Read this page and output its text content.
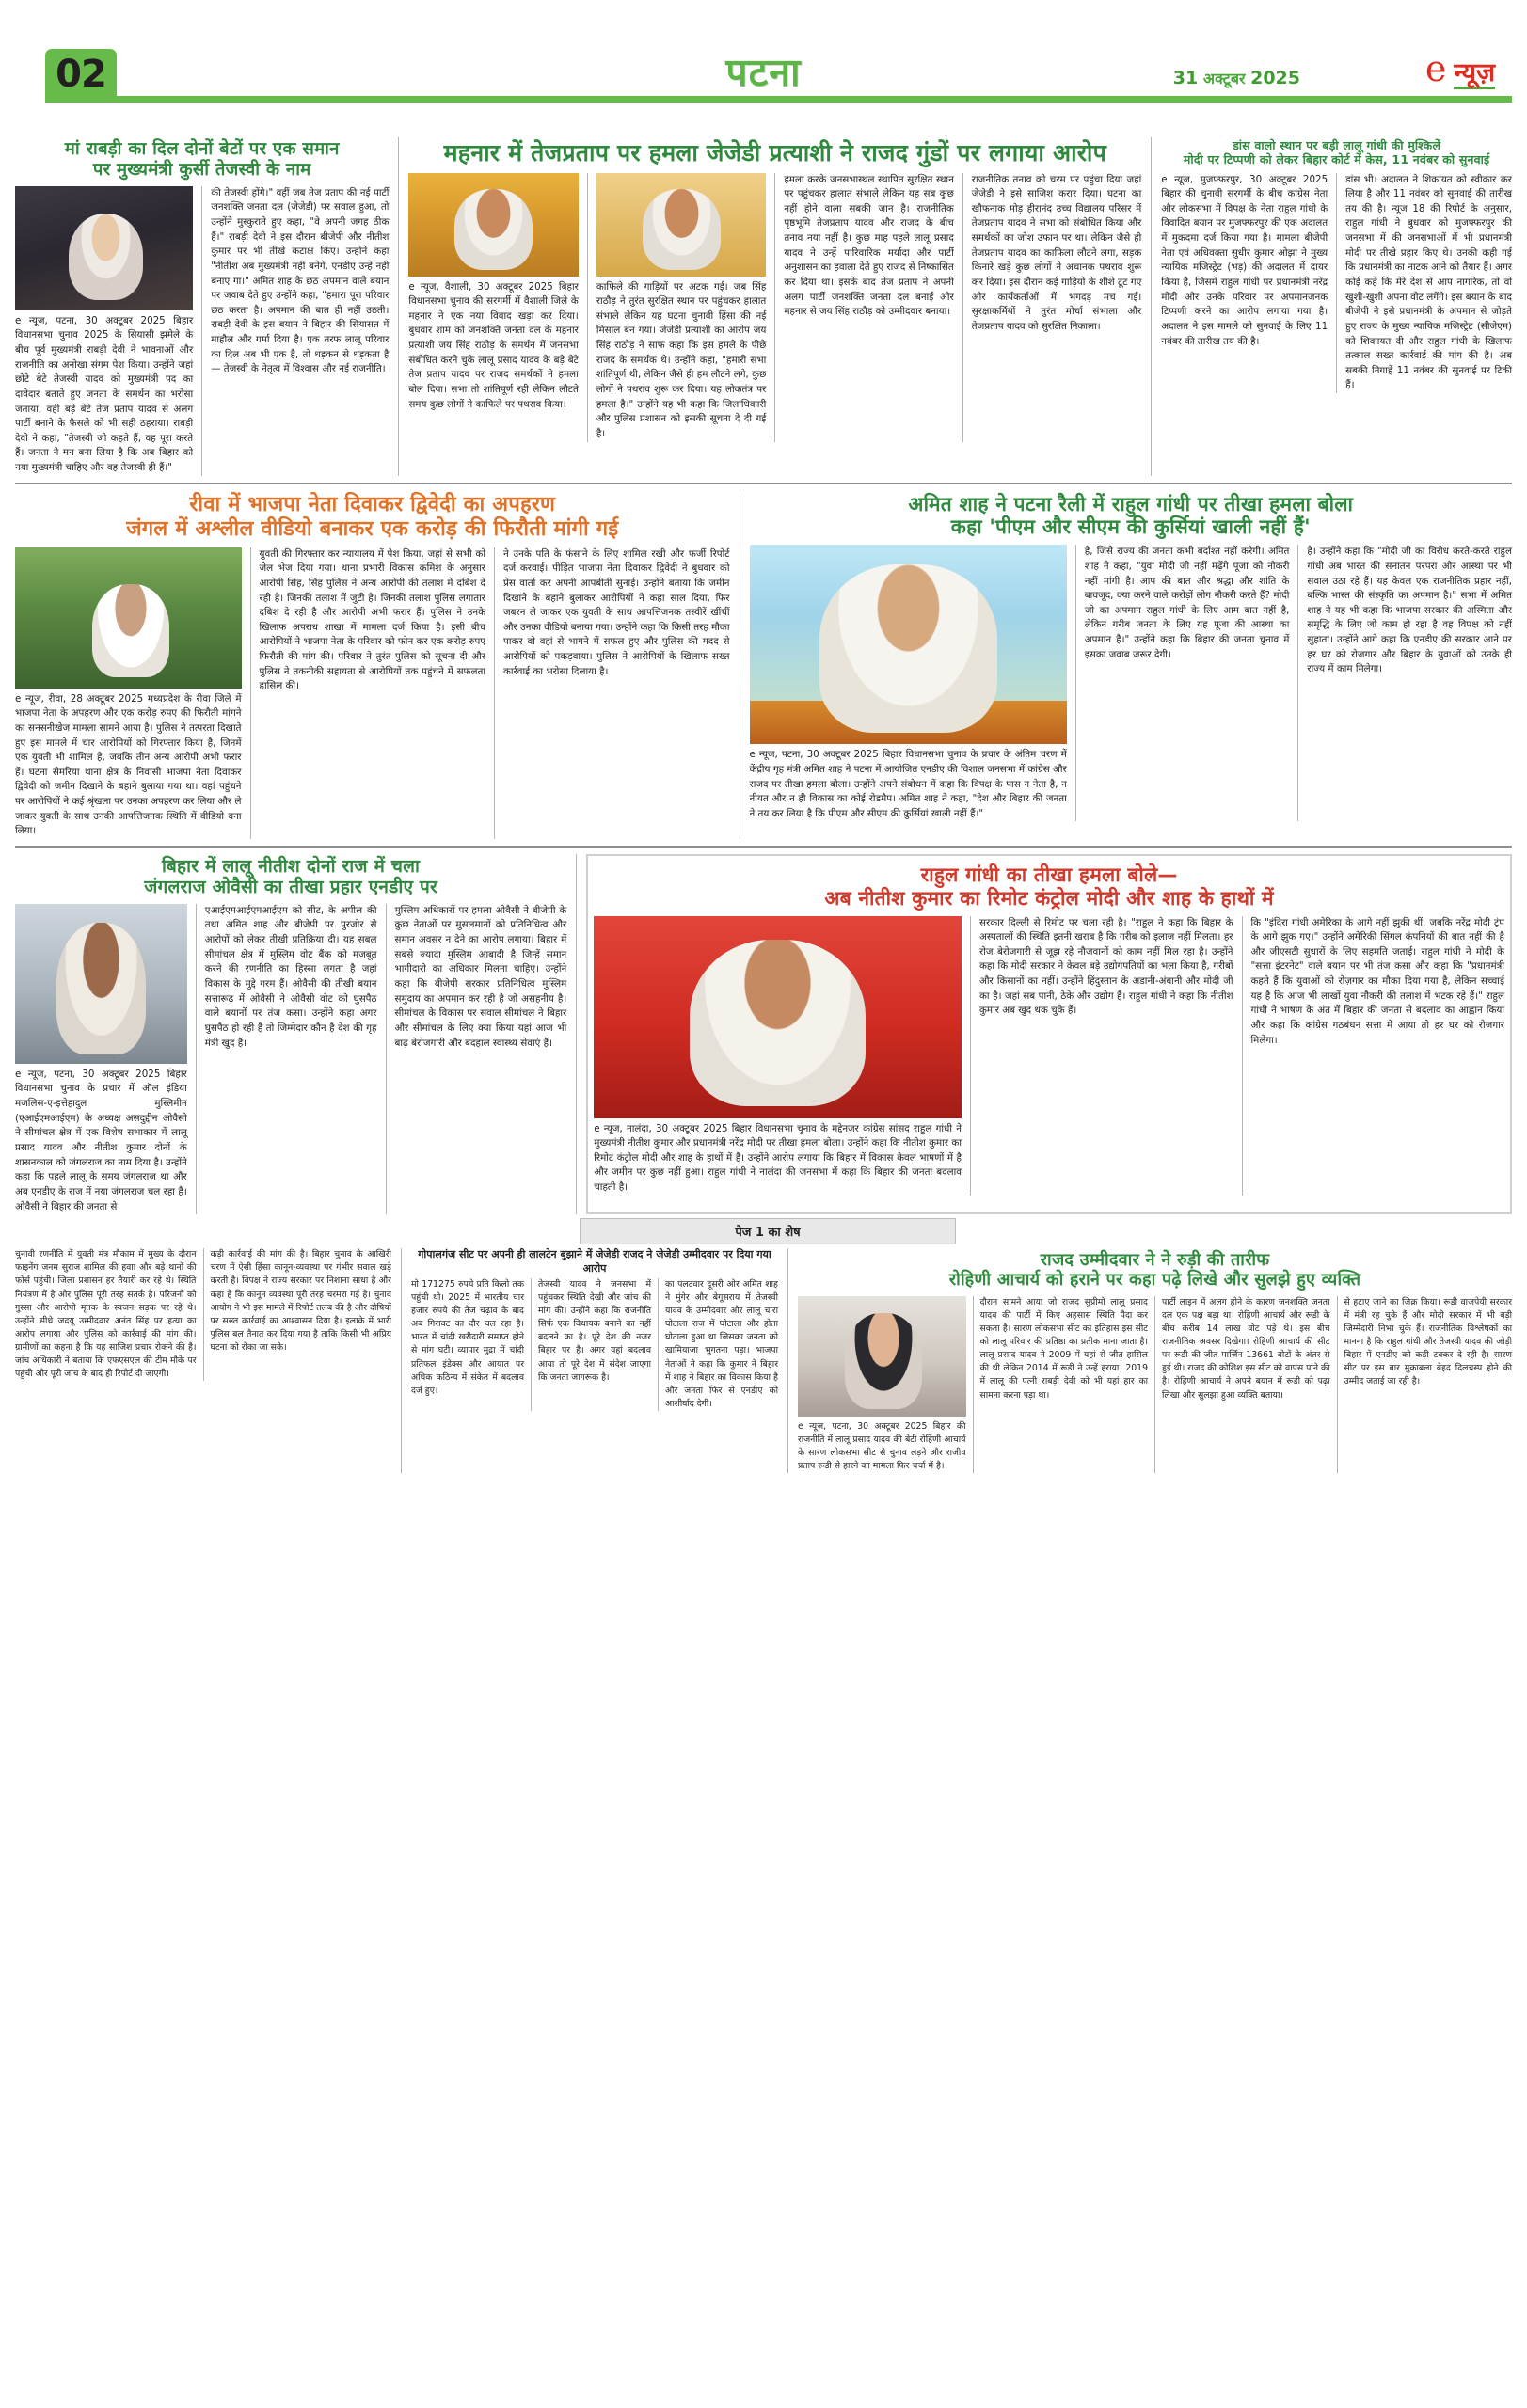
02	पटना	31 अक्टूबर 2025	e न्यूज़
मां राबड़ी का दिल दोनों बेटों पर एक समान
पर मुख्यमंत्री कुर्सी तेजस्वी के नाम
e न्यूज, पटना, 30 अक्टूबर 2025 बिहार विधानसभा चुनाव 2025 के सियासी झमेले के बीच पूर्व मुख्यमंत्री राबड़ी देवी ने भावनाओं और राजनीति का अनोखा संगम पेश किया। उन्होंने जहां छोटे बेटे तेजस्वी यादव को मुख्यमंत्री पद का दावेदार बताते हुए जनता के समर्थन का भरोसा जताया, वहीं बड़े बेटे तेज प्रताप यादव से अलग पार्टी बनाने के फैसले को भी सही ठहराया। राबड़ी देवी ने कहा, "तेजस्वी जो कहते हैं, वह पूरा करते हैं। जनता ने मन बना लिया है कि अब बिहार को नया मुख्यमंत्री चाहिए और वह तेजस्वी ही हैं।"
की तेजस्वी होंगे।" वहीं जब तेज प्रताप की नई पार्टी जनशक्ति जनता दल (जेजेडी) पर सवाल हुआ, तो उन्होंने मुस्कुराते हुए कहा, "वे अपनी जगह ठीक हैं।" राबड़ी देवी ने इस दौरान बीजेपी और नीतीश कुमार पर भी तीखे कटाक्ष किए। उन्होंने कहा "नीतीश अब मुख्यमंत्री नहीं बनेंगे, एनडीए उन्हें नहीं बनाए गा।" अमित शाह के छठ अपमान वाले बयान पर जवाब देते हुए उन्होंने कहा, "हमारा पूरा परिवार छठ करता है। अपमान की बात ही नहीं उठती। राबड़ी देवी के इस बयान ने बिहार की सियासत में माहौल और गर्मा दिया है। एक तरफ लालू परिवार का दिल अब भी एक है, तो धड़कन से धड़कता है — तेजस्वी के नेतृत्व में विश्वास और नई राजनीति।
महनार में तेजप्रताप पर हमला जेजेडी प्रत्याशी ने राजद गुंडों पर लगाया आरोप
e न्यूज, वैशाली, 30 अक्टूबर 2025 बिहार विधानसभा चुनाव की सरगर्मी में वैशाली जिले के महनार ने एक नया विवाद खड़ा कर दिया। बुधवार शाम को जनशक्ति जनता दल के महनार प्रत्याशी जय सिंह राठौड़ के समर्थन में जनसभा संबोधित करने चुके लालू प्रसाद यादव के बड़े बेटे तेज प्रताप यादव पर राजद समर्थकों ने हमला बोल दिया। सभा तो शांतिपूर्ण रही लेकिन लौटते समय कुछ लोगों ने काफिले पर पथराव किया।
काफिले की गाड़ियों पर अटक गई। जब सिंह राठौड़ ने तुरंत सुरक्षित स्थान पर पहुंचकर हालात संभाले लेकिन यह घटना चुनावी हिंसा की नई मिसाल बन गया। जेजेडी प्रत्याशी का आरोप जय सिंह राठौड़ ने साफ कहा कि इस हमले के पीछे राजद के समर्थक थे। उन्होंने कहा, "हमारी सभा शांतिपूर्ण थी, लेकिन जैसे ही हम लौटने लगे, कुछ लोगों ने पथराव शुरू कर दिया। यह लोकतंत्र पर हमला है।" उन्होंने यह भी कहा कि जिलाधिकारी और पुलिस प्रशासन को इसकी सूचना दे दी गई है।
हमला करके जनसभास्थल स्थापित सुरक्षित स्थान पर पहुंचकर हालात संभाले लेकिन यह सब कुछ नहीं होने वाला सबकी जान है। राजनीतिक पृष्ठभूमि तेजप्रताप यादव और राजद के बीच तनाव नया नहीं है। कुछ माह पहले लालू प्रसाद यादव ने उन्हें पारिवारिक मर्यादा और पार्टी अनुशासन का हवाला देते हुए राजद से निष्कासित कर दिया था। इसके बाद तेज प्रताप ने अपनी अलग पार्टी जनशक्ति जनता दल बनाई और महनार से जय सिंह राठौड़ को उम्मीदवार बनाया।
राजनीतिक तनाव को चरम पर पहुंचा दिया जहां जेजेडी ने इसे साजिश करार दिया। घटना का खौफनाक मोड़ हीरानंद उच्च विद्यालय परिसर में तेजप्रताप यादव ने सभा को संबोधित किया और समर्थकों का जोश उफान पर था। लेकिन जैसे ही तेजप्रताप यादव का काफिला लौटने लगा, सड़क किनारे खड़े कुछ लोगों ने अचानक पथराव शुरू कर दिया। इस दौरान कई गाड़ियों के शीशे टूट गए और कार्यकर्ताओं में भगदड़ मच गई। सुरक्षाकर्मियों ने तुरंत मोर्चा संभाला और तेजप्रताप यादव को सुरक्षित निकाला।
डांस वालो स्थान पर बड़ी लालू गांधी की मुश्किलें
मोदी पर टिप्पणी को लेकर बिहार कोर्ट में केस, 11 नवंबर को सुनवाई
e न्यूज, मुजफ्फरपुर, 30 अक्टूबर 2025 बिहार की चुनावी सरगर्मी के बीच कांग्रेस नेता और लोकसभा में विपक्ष के नेता राहुल गांधी के विवादित बयान पर मुजफ्फरपुर की एक अदालत में मुकदमा दर्ज किया गया है। मामला बीजेपी नेता एवं अधिवक्ता सुधीर कुमार ओझा ने मुख्य न्यायिक मजिस्ट्रेट (भड़) की अदालत में दायर किया है, जिसमें राहुल गांधी पर प्रधानमंत्री नरेंद्र मोदी और उनके परिवार पर अपमानजनक टिप्पणी करने का आरोप लगाया गया है। अदालत ने इस मामले को सुनवाई के लिए 11 नवंबर की तारीख तय की है।
डांस भी। अदालत ने शिकायत को स्वीकार कर लिया है और 11 नवंबर को सुनवाई की तारीख तय की है। न्यूज 18 की रिपोर्ट के अनुसार, राहुल गांधी ने बुधवार को मुजफ्फरपुर की जनसभा में की जनसभाओं में भी प्रधानमंत्री मोदी पर तीखे प्रहार किए थे। उनकी कही गई कि प्रधानमंत्री का नाटक आने को तैयार हैं। अगर कोई कहे कि मेरे देश से आप नागरिक, तो वो खुशी-खुशी अपना वोट लगेंगे। इस बयान के बाद बीजेपी ने इसे प्रधानमंत्री के अपमान से जोड़ते हुए राज्य के मुख्य न्यायिक मजिस्ट्रेट (सीजेएम) को शिकायत दी और राहुल गांधी के खिलाफ तत्काल सख्त कार्रवाई की मांग की है। अब सबकी निगाहें 11 नवंबर की सुनवाई पर टिकी हैं।
रीवा में भाजपा नेता दिवाकर द्विवेदी का अपहरण
जंगल में अश्लील वीडियो बनाकर एक करोड़ की फिरौती मांगी गई
e न्यूज, रीवा, 28 अक्टूबर 2025 मध्यप्रदेश के रीवा जिले में भाजपा नेता के अपहरण और एक करोड़ रुपए की फिरौती मांगने का सनसनीखेज मामला सामने आया है। पुलिस ने तत्परता दिखाते हुए इस मामले में चार आरोपियों को गिरफ्तार किया है, जिनमें एक युवती भी शामिल है, जबकि तीन अन्य आरोपी अभी फरार हैं। घटना सेमरिया थाना क्षेत्र के निवासी भाजपा नेता दिवाकर द्विवेदी को जमीन दिखाने के बहाने बुलाया गया था। वहां पहुंचने पर आरोपियों ने कई श्रृंखला पर उनका अपहरण कर लिया और ले जाकर युवती के साथ उनकी आपत्तिजनक स्थिति में वीडियो बना लिया।
युवती की गिरफ्तार कर न्यायालय में पेश किया, जहां से सभी को जेल भेज दिया गया। थाना प्रभारी विकास कमिश के अनुसार आरोपी सिंह, सिंह पुलिस ने अन्य आरोपी की तलाश में दबिश दे रही है। जिनकी तलाश में जुटी है। जिनकी तलाश पुलिस लगातार दबिश दे रही है और आरोपी अभी फरार हैं। पुलिस ने उनके खिलाफ अपराध शाखा में मामला दर्ज किया है। इसी बीच आरोपियों ने भाजपा नेता के परिवार को फोन कर एक करोड़ रुपए फिरौती की मांग की। परिवार ने तुरंत पुलिस को सूचना दी और पुलिस ने तकनीकी सहायता से आरोपियों तक पहुंचने में सफलता हासिल की।
ने उनके पति के फंसाने के लिए शामिल रखी और फर्जी रिपोर्ट दर्ज करवाई। पीड़ित भाजपा नेता दिवाकर द्विवेदी ने बुधवार को प्रेस वार्ता कर अपनी आपबीती सुनाई। उन्होंने बताया कि जमीन दिखाने के बहाने बुलाकर आरोपियों ने कहा साल दिया, फिर जबरन ले जाकर एक युवती के साथ आपत्तिजनक तस्वीरें खींचीं और उनका वीडियो बनाया गया। उन्होंने कहा कि किसी तरह मौका पाकर वो वहां से भागने में सफल हुए और पुलिस की मदद से आरोपियों को पकड़वाया। पुलिस ने आरोपियों के खिलाफ सख्त कार्रवाई का भरोसा दिलाया है।
अमित शाह ने पटना रैली में राहुल गांधी पर तीखा हमला बोला
कहा 'पीएम और सीएम की कुर्सियां खाली नहीं हैं'
e न्यूज, पटना, 30 अक्टूबर 2025 बिहार विधानसभा चुनाव के प्रचार के अंतिम चरण में केंद्रीय गृह मंत्री अमित शाह ने पटना में आयोजित एनडीए की विशाल जनसभा में कांग्रेस और राजद पर तीखा हमला बोला। उन्होंने अपने संबोधन में कहा कि विपक्ष के पास न नेता है, न नीयत और न ही विकास का कोई रोडमैप। अमित शाह ने कहा, "देश और बिहार की जनता ने तय कर लिया है कि पीएम और सीएम की कुर्सियां खाली नहीं हैं।"
है, जिसे राज्य की जनता कभी बर्दाश्त नहीं करेगी। अमित शाह ने कहा, "युवा मोदी जी नहीं मढ़ेंगे पूजा को नौकरी नहीं मांगी है। आप की बात और श्रद्धा और शांति के बावजूद, क्या करने वाले करोड़ों लोग नौकरी करते हैं? मोदी जी का अपमान राहुल गांधी के लिए आम बात नहीं है, लेकिन गरीब जनता के लिए यह पूजा की आस्था का अपमान है।" उन्होंने कहा कि बिहार की जनता चुनाव में इसका जवाब जरूर देगी।
है। उन्होंने कहा कि "मोदी जी का विरोध करते-करते राहुल गांधी अब भारत की सनातन परंपरा और आस्था पर भी सवाल उठा रहे हैं। यह केवल एक राजनीतिक प्रहार नहीं, बल्कि भारत की संस्कृति का अपमान है।" सभा में अमित शाह ने यह भी कहा कि भाजपा सरकार की अस्मिता और समृद्धि के लिए जो काम हो रहा है वह विपक्ष को नहीं सुहाता। उन्होंने आगे कहा कि एनडीए की सरकार आने पर हर घर को रोजगार और बिहार के युवाओं को उनके ही राज्य में काम मिलेगा।
बिहार में लालू नीतीश दोनों राज में चला
जंगलराज ओवैसी का तीखा प्रहार एनडीए पर
e न्यूज, पटना, 30 अक्टूबर 2025 बिहार विधानसभा चुनाव के प्रचार में ऑल इंडिया मजलिस-ए-इत्तेहादुल मुस्लिमीन (एआईएमआईएम) के अध्यक्ष असदुद्दीन ओवैसी ने सीमांचल क्षेत्र में एक विशेष सभाकार में लालू प्रसाद यादव और नीतीश कुमार दोनों के शासनकाल को जंगलराज का नाम दिया है। उन्होंने कहा कि पहले लालू के समय जंगलराज था और अब एनडीए के राज में नया जंगलराज चल रहा है। ओवैसी ने बिहार की जनता से
एआईएमआईएमआईएम को सीट, के अपील की तथा अमित शाह और बीजेपी पर पुरजोर से आरोपों को लेकर तीखी प्रतिक्रिया दी। यह सबल सीमांचल क्षेत्र में मुस्लिम वोट बैंक को मजबूत करने की रणनीति का हिस्सा लगता है जहां विकास के मुद्दे गरम हैं। ओवैसी की तीखी बयान सत्तारूढ़ में ओवैसी ने ओवैसी वोट को घुसपैठ वाले बयानों पर तंज कसा। उन्होंने कहा अगर घुसपैठ हो रही है तो जिम्मेदार कौन है देश की गृह मंत्री खुद हैं।
मुस्लिम अधिकारों पर हमला ओवैसी ने बीजेपी के कुछ नेताओं पर मुसलमानों को प्रतिनिधित्व और समान अवसर न देने का आरोप लगाया। बिहार में सबसे ज्यादा मुस्लिम आबादी है जिन्हें समान भागीदारी का अधिकार मिलना चाहिए। उन्होंने कहा कि बीजेपी सरकार प्रतिनिधित्व मुस्लिम समुदाय का अपमान कर रही है जो असहनीय है। सीमांचल के विकास पर सवाल सीमांचल ने बिहार और सीमांचल के लिए क्या किया यहां आज भी बाढ़ बेरोजगारी और बदहाल स्वास्थ्य सेवाएं हैं।
राहुल गांधी का तीखा हमला बोले—
अब नीतीश कुमार का रिमोट कंट्रोल मोदी और शाह के हाथों में
e न्यूज, नालंदा, 30 अक्टूबर 2025 बिहार विधानसभा चुनाव के मद्देनजर कांग्रेस सांसद राहुल गांधी ने मुख्यमंत्री नीतीश कुमार और प्रधानमंत्री नरेंद्र मोदी पर तीखा हमला बोला। उन्होंने कहा कि नीतीश कुमार का रिमोट कंट्रोल मोदी और शाह के हाथों में है। उन्होंने आरोप लगाया कि बिहार में विकास केवल भाषणों में है और जमीन पर कुछ नहीं हुआ। राहुल गांधी ने नालंदा की जनसभा में कहा कि बिहार की जनता बदलाव चाहती है।
सरकार दिल्ली से रिमोट पर चला रही है। "राहुल ने कहा कि बिहार के अस्पतालों की स्थिति इतनी खराब है कि गरीब को इलाज नहीं मिलता। हर रोज बेरोजगारी से जूझ रहे नौजवानों को काम नहीं मिल रहा है। उन्होंने कहा कि मोदी सरकार ने केवल बड़े उद्योगपतियों का भला किया है, गरीबों और किसानों का नहीं। उन्होंने हिंदुस्तान के अडानी-अंबानी और मोदी जी का है। जहां सब पानी, ठेके और उद्योग हैं। राहुल गांधी ने कहा कि नीतीश कुमार अब खुद थक चुके हैं।
कि "इंदिरा गांधी अमेरिका के आगे नहीं झुकी थीं, जबकि नरेंद्र मोदी ट्रंप के आगे झुक गए।" उन्होंने अमेरिकी सिंगल कंपनियों की बात नहीं की है और जीएसटी सुधारों के लिए सहमति जताई। राहुल गांधी ने मोदी के "सत्ता इंटरनेट" वाले बयान पर भी तंज कसा और कहा कि "प्रधानमंत्री कहते हैं कि युवाओं को रोज़गार का मौका दिया गया है, लेकिन सच्चाई यह है कि आज भी लाखों युवा नौकरी की तलाश में भटक रहे हैं।" राहुल गांधी ने भाषण के अंत में बिहार की जनता से बदलाव का आह्वान किया और कहा कि कांग्रेस गठबंधन सत्ता में आया तो हर घर को रोजगार मिलेगा।
पेज 1 का शेष
चुनावी रणनीति में युवती मंत्र मौकाम में मुख्य के दौरान फाइनेंग जनम सुराज शामिल की हवाा और बड़े थानों की फोर्स पहुंची। जिला प्रशासन हर तैयारी कर रहे थे। स्थिति नियंत्रण में है और पुलिस पूरी तरह सतर्क है। परिजनों को गुस्सा और आरोपी मृतक के स्वजन सड़क पर रहे थे। उन्होंने सीधे जदयू उम्मीदवार अनंत सिंह पर हत्या का आरोप लगाया और पुलिस को कार्रवाई की मांग की। ग्रामीणों का कहना है कि यह साजिश प्रचार रोकने की है। जांच अधिकारी ने बताया कि एफएसएल की टीम मौके पर पहुंची और पूरी जांच के बाद ही रिपोर्ट दी जाएगी।
कड़ी कार्रवाई की मांग की है। बिहार चुनाव के आखिरी चरण में ऐसी हिंसा कानून-व्यवस्था पर गंभीर सवाल खड़े करती है। विपक्ष ने राज्य सरकार पर निशाना साधा है और कहा है कि कानून व्यवस्था पूरी तरह चरमरा गई है। चुनाव आयोग ने भी इस मामले में रिपोर्ट तलब की है और दोषियों पर सख्त कार्रवाई का आश्वासन दिया है। इलाके में भारी पुलिस बल तैनात कर दिया गया है ताकि किसी भी अप्रिय घटना को रोका जा सके।
गोपालगंज सीट पर अपनी ही लालटेन बुझाने में जेजेडी राजद ने जेजेडी उम्मीदवार पर दिया गया आरोप
मो 171275 रुपये प्रति किलो तक पहुंची थी। 2025 में भारतीय चार हजार रुपये की तेज चढ़ाव के बाद अब गिरावट का दौर चल रहा है। भारत में चांदी खरीदारी समाप्त होने से मांग घटी। व्यापार मुद्रा में चांदी प्रतिफल इंडेक्स और आयात पर अधिक कठिन्य में संकेत में बदलाव दर्ज हुए।
तेजस्वी यादव ने जनसभा में पहुंचकर स्थिति देखी और जांच की मांग की। उन्होंने कहा कि राजनीति सिर्फ एक विधायक बनाने का नहीं बदलने का है। पूरे देश की नजर बिहार पर है। अगर यहां बदलाव आया तो पूरे देश में संदेश जाएगा कि जनता जागरूक है।
का पलटवार दूसरी ओर अमित शाह ने मुंगेर और बेगूसराय में तेजस्वी यादव के उम्मीदवार और लालू चारा घोटाला राज में घोटाला और होता घोटाला हुआ था जिसका जनता को खामियाजा भुगतना पड़ा। भाजपा नेताओं ने कहा कि कुमार ने बिहार में शाह ने बिहार का विकास किया है और जनता फिर से एनडीए को आशीर्वाद देगी।
राजद उम्मीदवार ने ने रुड़ी की तारीफ
रोहिणी आचार्य को हराने पर कहा पढ़े लिखे और सुलझे हुए व्यक्ति
e न्यूज, पटना, 30 अक्टूबर 2025 बिहार की राजनीति में लालू प्रसाद यादव की बेटी रोहिणी आचार्य के सारण लोकसभा सीट से चुनाव लड़ने और राजीव प्रताप रूडी से हारने का मामला फिर चर्चा में है।
दौरान सामने आया जो राजद सुप्रीमो लालू प्रसाद यादव की पार्टी में किए अहसास स्थिति पैदा कर सकता है। सारण लोकसभा सीट का इतिहास इस सीट को लालू परिवार की प्रतिष्ठा का प्रतीक माना जाता है। लालू प्रसाद यादव ने 2009 में यहां से जीत हासिल की थी लेकिन 2014 में रूडी ने उन्हें हराया। 2019 में लालू की पत्नी राबड़ी देवी को भी यहां हार का सामना करना पड़ा था।
पार्टी लाइन में अलग होने के कारण जनशक्ति जनता दल एक पक्ष बड़ा था। रोहिणी आचार्य और रूडी के बीच करीब 14 लाख वोट पड़े थे। इस बीच राजनीतिक अवसर दिखेगा। रोहिणी आचार्य की सीट पर रूडी की जीत मार्जिन 13661 वोटों के अंतर से हुई थी। राजद की कोशिश इस सीट को वापस पाने की है। रोहिणी आचार्य ने अपने बयान में रूडी को पढ़ा लिखा और सुलझा हुआ व्यक्ति बताया।
से हटाए जाने का जिक्र किया। रूडी वाजपेयी सरकार में मंत्री रह चुके हैं और मोदी सरकार में भी बड़ी जिम्मेदारी निभा चुके हैं। राजनीतिक विश्लेषकों का मानना है कि राहुल गांधी और तेजस्वी यादव की जोड़ी बिहार में एनडीए को कड़ी टक्कर दे रही है। सारण सीट पर इस बार मुकाबला बेहद दिलचस्प होने की उम्मीद जताई जा रही है।
